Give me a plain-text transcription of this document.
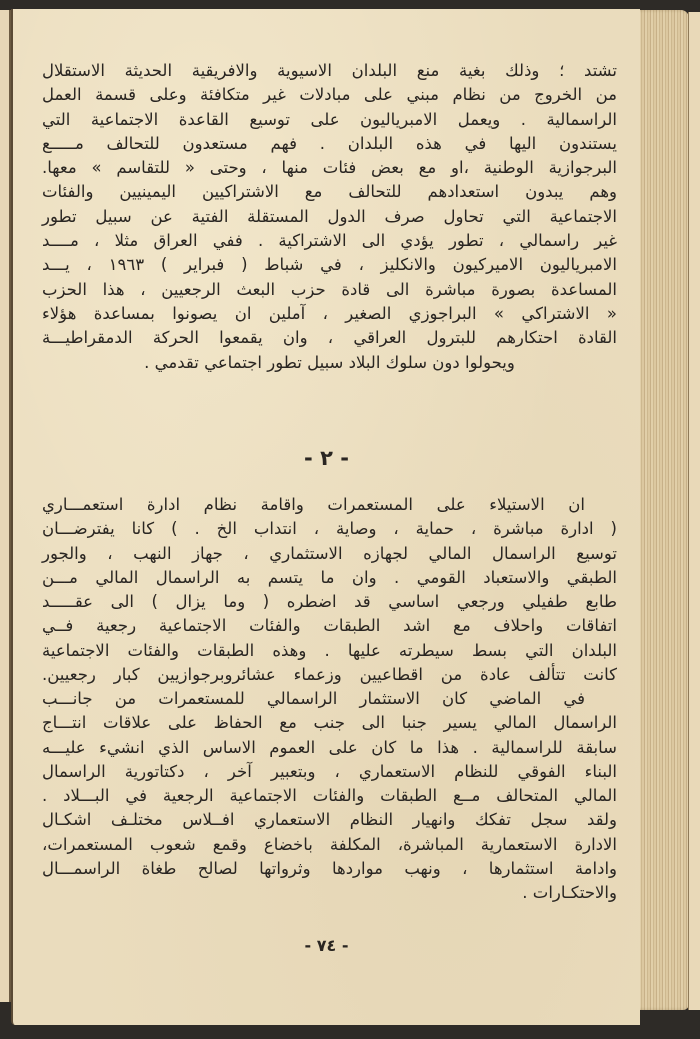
تشتد ؛ وذلك بغية منع البلدان الاسيوية والافريقية الحديثة الاستقلال
من الخروج من نظام مبني على مبادلات غير متكافئة وعلى قسمة العمل
الراسمالية . ويعمل الامبرياليون على توسيع القاعدة الاجتماعية التي
يستندون اليها في هذه البلدان . فهم مستعدون للتحالف مـــــع
البرجوازية الوطنية ،او مع بعض فئات منها ، وحتى « للتقاسم » معها.
وهم يبدون استعدادهم للتحالف مع الاشتراكيين اليمينيين والفئات
الاجتماعية التي تحاول صرف الدول المستقلة الفتية عن سبيل تطور
غير راسمالي ، تطور يؤدي الى الاشتراكية . ففي العراق مثلا ، مــــد
الامبرياليون الاميركيون والانكليز ، في شباط ( فبراير ) ١٩٦٣ ، يـــد
المساعدة بصورة مباشرة الى قادة حزب البعث الرجعيين ، هذا الحزب
« الاشتراكي » البراجوزي الصغير ، آملين ان يصونوا بمساعدة هؤلاء
القادة احتكارهم للبترول العراقي ، وان يقمعوا الحركة الدمقراطيـــة
ويحولوا دون سلوك البلاد سبيل تطور اجتماعي تقدمي .
- ٢ -
ان الاستيلاء على المستعمرات واقامة نظام ادارة استعمـــاري
( ادارة مباشرة ، حماية ، وصاية ، انتداب الخ . ) كانا يفترضـــان
توسيع الراسمال المالي لجهازه الاستثماري ، جهاز النهب ، والجور
الطبقي والاستعباد القومي . وان ما يتسم به الراسمال المالي مـــن
طابع طفيلي ورجعي اساسي قد اضطره ( وما يزال ) الى عقـــــد
اتفاقات واحلاف مع اشد الطبقات والفئات الاجتماعية رجعية فــي
البلدان التي بسط سيطرته عليها . وهذه الطبقات والفئات الاجتماعية
كانت تتألف عادة من اقطاعيين وزعماء عشائروبرجوازيين كبار رجعيين.
في الماضي كان الاستثمار الراسمالي للمستعمرات من جانـــب
الراسمال المالي يسير جنبا الى جنب مع الحفاظ على علاقات انتـــاج
سابقة للراسمالية . هذا ما كان على العموم الاساس الذي انشيء عليـــه
البناء الفوقي للنظام الاستعماري ، وبتعبير آخر ، دكتاتورية الراسمال
المالي المتحالف مــع الطبقات والفئات الاجتماعية الرجعية في البـــلاد .
ولقد سجل تفكك وانهيار النظام الاستعماري افــلاس مختلـف اشكـال
الادارة الاستعمارية المباشرة، المكلفة باخضاع وقمع شعوب المستعمرات،
وادامة استثمارها ، ونهب مواردها وثرواتها لصالح طغاة الراسمـــال
والاحتكـارات .
- ٧٤ -
